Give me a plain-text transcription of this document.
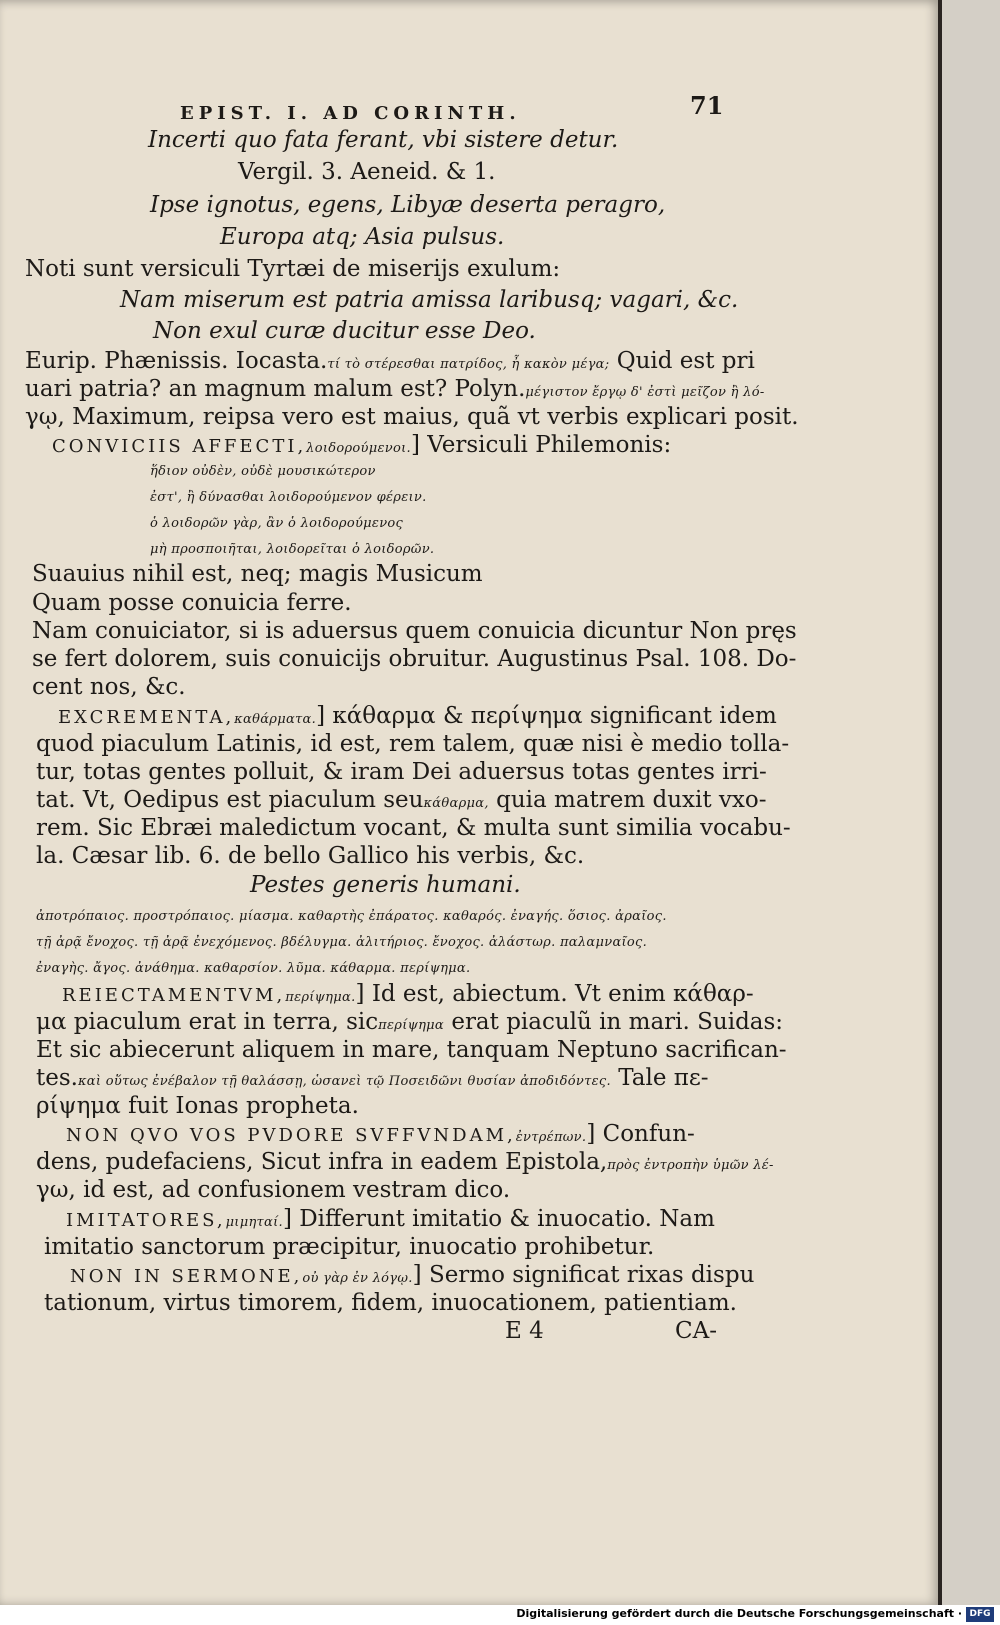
EPIST. I. AD CORINTH.	71
Incerti quo fata ferant, vbi sistere detur.
Vergil. 3. Aeneid. & 1.
Ipse ignotus, egens, Libyæ deserta peragro,
Europa atq; Asia pulsus.
Noti sunt versiculi Tyrtæi de miserijs exulum:
Nam miserum est patria amissa laribusq; vagari, &c.
Non exul curæ ducitur esse Deo.
Eurip. Phænissis. Iocasta.τί τὸ στέρεσθαι πατρίδος, ἦ κακὸν μέγα; Quid est pri
uari patria? an magnum malum est? Polyn.μέγιστον ἔργῳ δ' ἐστὶ μεῖζον ἢ λό-
γῳ, Maximum, reipsa vero est maius, quã vt verbis explicari posit.
CONVICIIS AFFECTI,λοιδορούμενοι.] Versiculi Philemonis:
ἥδιον οὐδὲν, οὐδὲ μουσικώτερον
ἐστ', ἢ δύνασθαι λοιδορούμενον φέρειν.
ὁ λοιδορῶν γὰρ, ἂν ὁ λοιδορούμενος
μὴ προσποιῆται, λοιδορεῖται ὁ λοιδορῶν.
Suauius nihil est, neq; magis Musicum
Quam posse conuicia ferre.
Nam conuiciator, si is aduersus quem conuicia dicuntur Non pręs
se fert dolorem, suis conuicijs obruitur. Augustinus Psal. 108. Do-
cent nos, &c.
EXCREMENTA,καθάρματα.] κάθαρμα & περίψημα significant idem
quod piaculum Latinis, id est, rem talem, quæ nisi è medio tolla-
tur, totas gentes polluit, & iram Dei aduersus totas gentes irri-
tat. Vt, Oedipus est piaculum seuκάθαρμα, quia matrem duxit vxo-
rem. Sic Ebræi maledictum vocant, & multa sunt similia vocabu-
la. Cæsar lib. 6. de bello Gallico his verbis, &c.
Pestes generis humani.
ἀποτρόπαιος. προστρόπαιος. μίασμα. καθαρτὴς ἐπάρατος. καθαρός. ἐναγής. ὅσιος. ἀραῖος.
τῇ ἀρᾷ ἔνοχος. τῇ ἀρᾷ ἐνεχόμενος. βδέλυγμα. ἀλιτήριος. ἔνοχος. ἀλάστωρ. παλαμναῖος.
ἐναγὴς. ἄγος. ἀνάθημα. καθαρσίον. λῦμα. κάθαρμα. περίψημα.
REIECTAMENTVM,περίψημα.] Id est, abiectum. Vt enim κάθαρ-
μα piaculum erat in terra, sicπερίψημα erat piaculũ in mari. Suidas:
Et sic abiecerunt aliquem in mare, tanquam Neptuno sacrifican-
tes.καὶ οὕτως ἐνέβαλον τῇ θαλάσσῃ, ὡσανεὶ τῷ Ποσειδῶνι θυσίαν ἀποδιδόντες. Tale πε-
ρίψημα fuit Ionas propheta.
NON QVO VOS PVDORE SVFFVNDAM,ἐντρέπων.] Confun-
dens, pudefaciens, Sicut infra in eadem Epistola,πρὸς ἐντροπὴν ὑμῶν λέ-
γω, id est, ad confusionem vestram dico.
IMITATORES,μιμηταί.] Differunt imitatio & inuocatio. Nam
imitatio sanctorum præcipitur, inuocatio prohibetur.
NON IN SERMONE,οὐ γὰρ ἐν λόγῳ.] Sermo significat rixas dispu
tationum, virtus timorem, fidem, inuocationem, patientiam.
E 4	CA-
Digitalisierung gefördert durch die Deutsche Forschungsgemeinschaft · DFG
